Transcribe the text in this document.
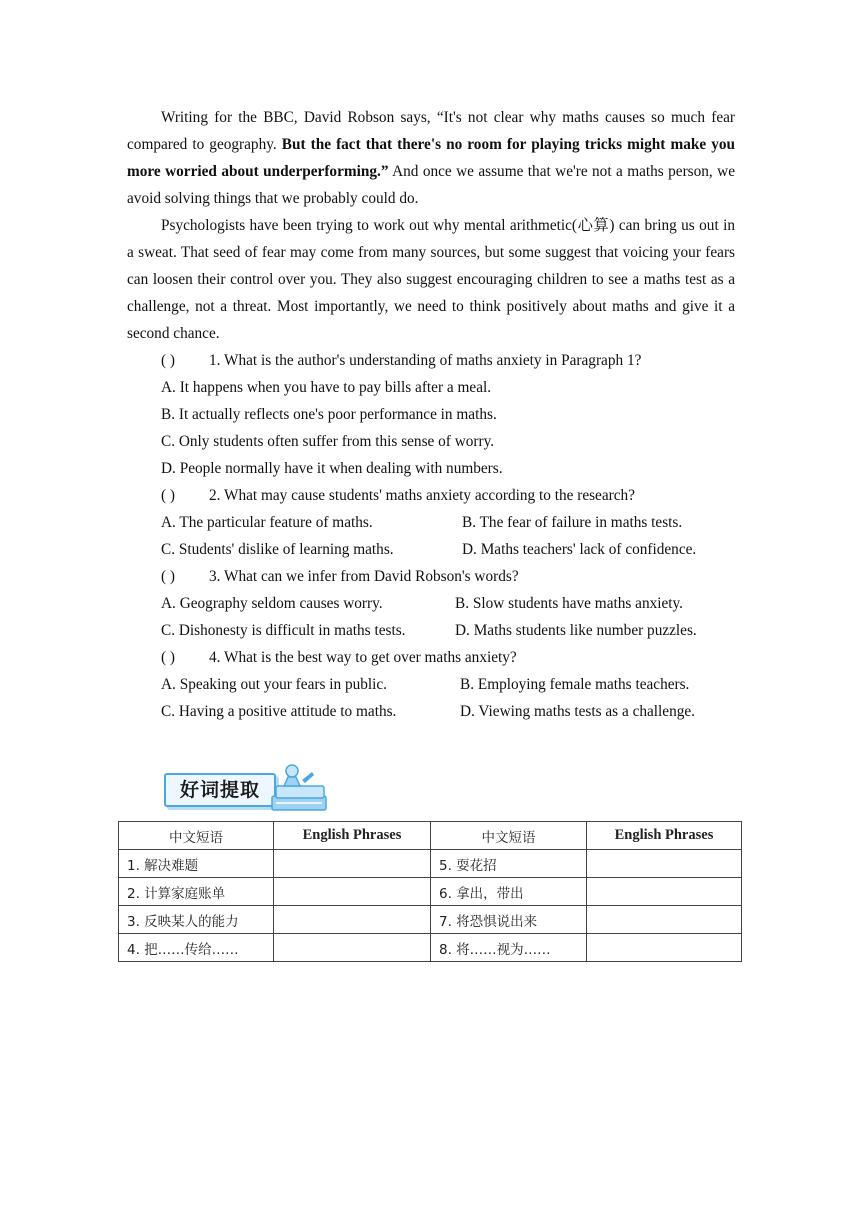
Writing for the BBC, David Robson says, “It's not clear why maths causes so much fear compared to geography. But the fact that there's no room for playing tricks might make you more worried about underperforming.” And once we assume that we're not a maths person, we avoid solving things that we probably could do.

Psychologists have been trying to work out why mental arithmetic(心算) can bring us out in a sweat. That seed of fear may come from many sources, but some suggest that voicing your fears can loosen their control over you. They also suggest encouraging children to see a maths test as a challenge, not a threat. Most importantly, we need to think positively about maths and give it a second chance.

( ) 1. What is the author's understanding of maths anxiety in Paragraph 1?
A. It happens when you have to pay bills after a meal.
B. It actually reflects one's poor performance in maths.
C. Only students often suffer from this sense of worry.
D. People normally have it when dealing with numbers.
( ) 2. What may cause students' maths anxiety according to the research?
A. The particular feature of maths.	B. The fear of failure in maths tests.
C. Students' dislike of learning maths.	D. Maths teachers' lack of confidence.
( ) 3. What can we infer from David Robson's words?
A. Geography seldom causes worry.	B. Slow students have maths anxiety.
C. Dishonesty is difficult in maths tests.	D. Maths students like number puzzles.
( ) 4. What is the best way to get over maths anxiety?
A. Speaking out your fears in public.	B. Employing female maths teachers.
C. Having a positive attitude to maths.	D. Viewing maths tests as a challenge.
好词提取
中文短语	English Phrases	中文短语	English Phrases
1. 解决难题		5. 耍花招	
2. 计算家庭账单		6. 拿出，带出	
3. 反映某人的能力		7. 将恐惧说出来	
4. 把……传给……		8. 将……视为……	
